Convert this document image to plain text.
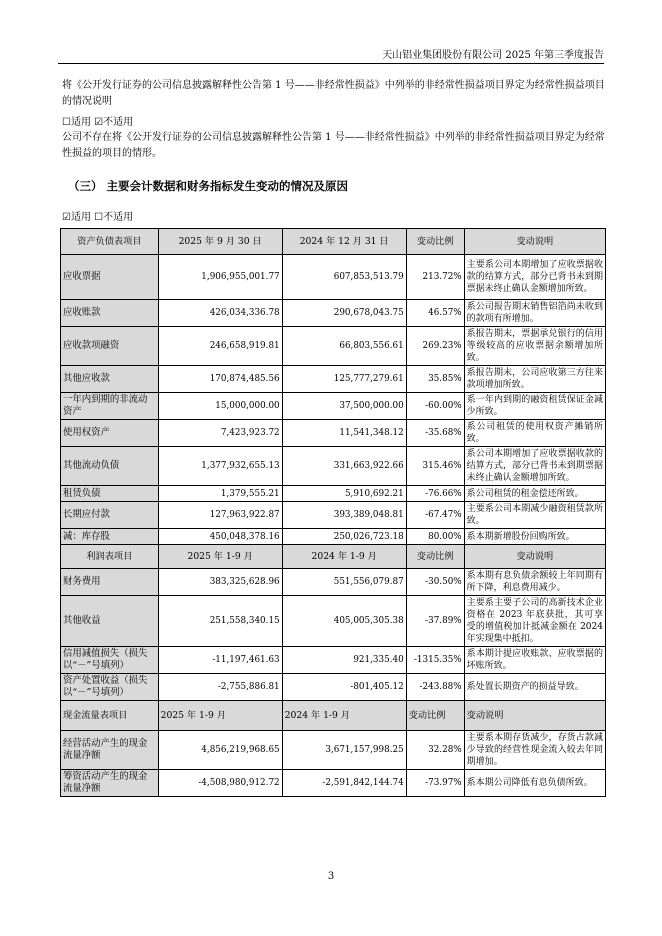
天山铝业集团股份有限公司 2025 年第三季度报告
将《公开发行证券的公司信息披露解释性公告第 1 号——非经常性损益》中列举的非经常性损益项目界定为经常性损益项目的情况说明
☐适用 ☑不适用
公司不存在将《公开发行证券的公司信息披露解释性公告第 1 号——非经常性损益》中列举的非经常性损益项目界定为经常性损益的项目的情形。
（三） 主要会计数据和财务指标发生变动的情况及原因
☑适用 ☐不适用
资产负债表项目	2025 年 9 月 30 日	2024 年 12 月 31 日	变动比例	变动说明
应收票据	1,906,955,001.77	607,853,513.79	213.72%	主要系公司本期增加了应收票据收款的结算方式，部分已背书未到期票据未终止确认金额增加所致。
应收账款	426,034,336.78	290,678,043.75	46.57%	系公司报告期末销售铝箔尚未收到的款项有所增加。
应收款项融资	246,658,919.81	66,803,556.61	269.23%	系报告期末，票据承兑银行的信用等级较高的应收票据余额增加所致。
其他应收款	170,874,485.56	125,777,279.61	35.85%	系报告期末，公司应收第三方往来款项增加所致。
一年内到期的非流动资产	15,000,000.00	37,500,000.00	-60.00%	系一年内到期的融资租赁保证金减少所致。
使用权资产	7,423,923.72	11,541,348.12	-35.68%	系公司租赁的使用权资产摊销所致。
其他流动负债	1,377,932,655.13	331,663,922.66	315.46%	系公司本期增加了应收票据收款的结算方式，部分已背书未到期票据未终止确认金额增加所致。
租赁负债	1,379,555.21	5,910,692.21	-76.66%	系公司租赁的租金偿还所致。
长期应付款	127,963,922.87	393,389,048.81	-67.47%	主要系公司本期减少融资租赁款所致。
减：库存股	450,048,378.16	250,026,723.18	80.00%	系本期新增股份回购所致。
利润表项目	2025 年 1-9 月	2024 年 1-9 月	变动比例	变动说明
财务费用	383,325,628.96	551,556,079.87	-30.50%	系本期有息负债余额较上年同期有所下降，利息费用减少。
其他收益	251,558,340.15	405,005,305.38	-37.89%	主要系主要子公司的高新技术企业资格在 2023 年底获批，其可享受的增值税加计抵减金额在 2024 年实现集中抵扣。
信用减值损失（损失以“－”号填列）	-11,197,461.63	921,335.40	-1315.35%	系本期计提应收账款、应收票据的坏账所致。
资产处置收益（损失以“－”号填列）	-2,755,886.81	-801,405.12	-243.88%	系处置长期资产的损益导致。
现金流量表项目	2025 年 1-9 月	2024 年 1-9 月	变动比例	变动说明
经营活动产生的现金流量净额	4,856,219,968.65	3,671,157,998.25	32.28%	主要系本期存货减少，存货占款减少导致的经营性现金流入较去年同期增加。
筹资活动产生的现金流量净额	-4,508,980,912.72	-2,591,842,144.74	-73.97%	系本期公司降低有息负债所致。
3
